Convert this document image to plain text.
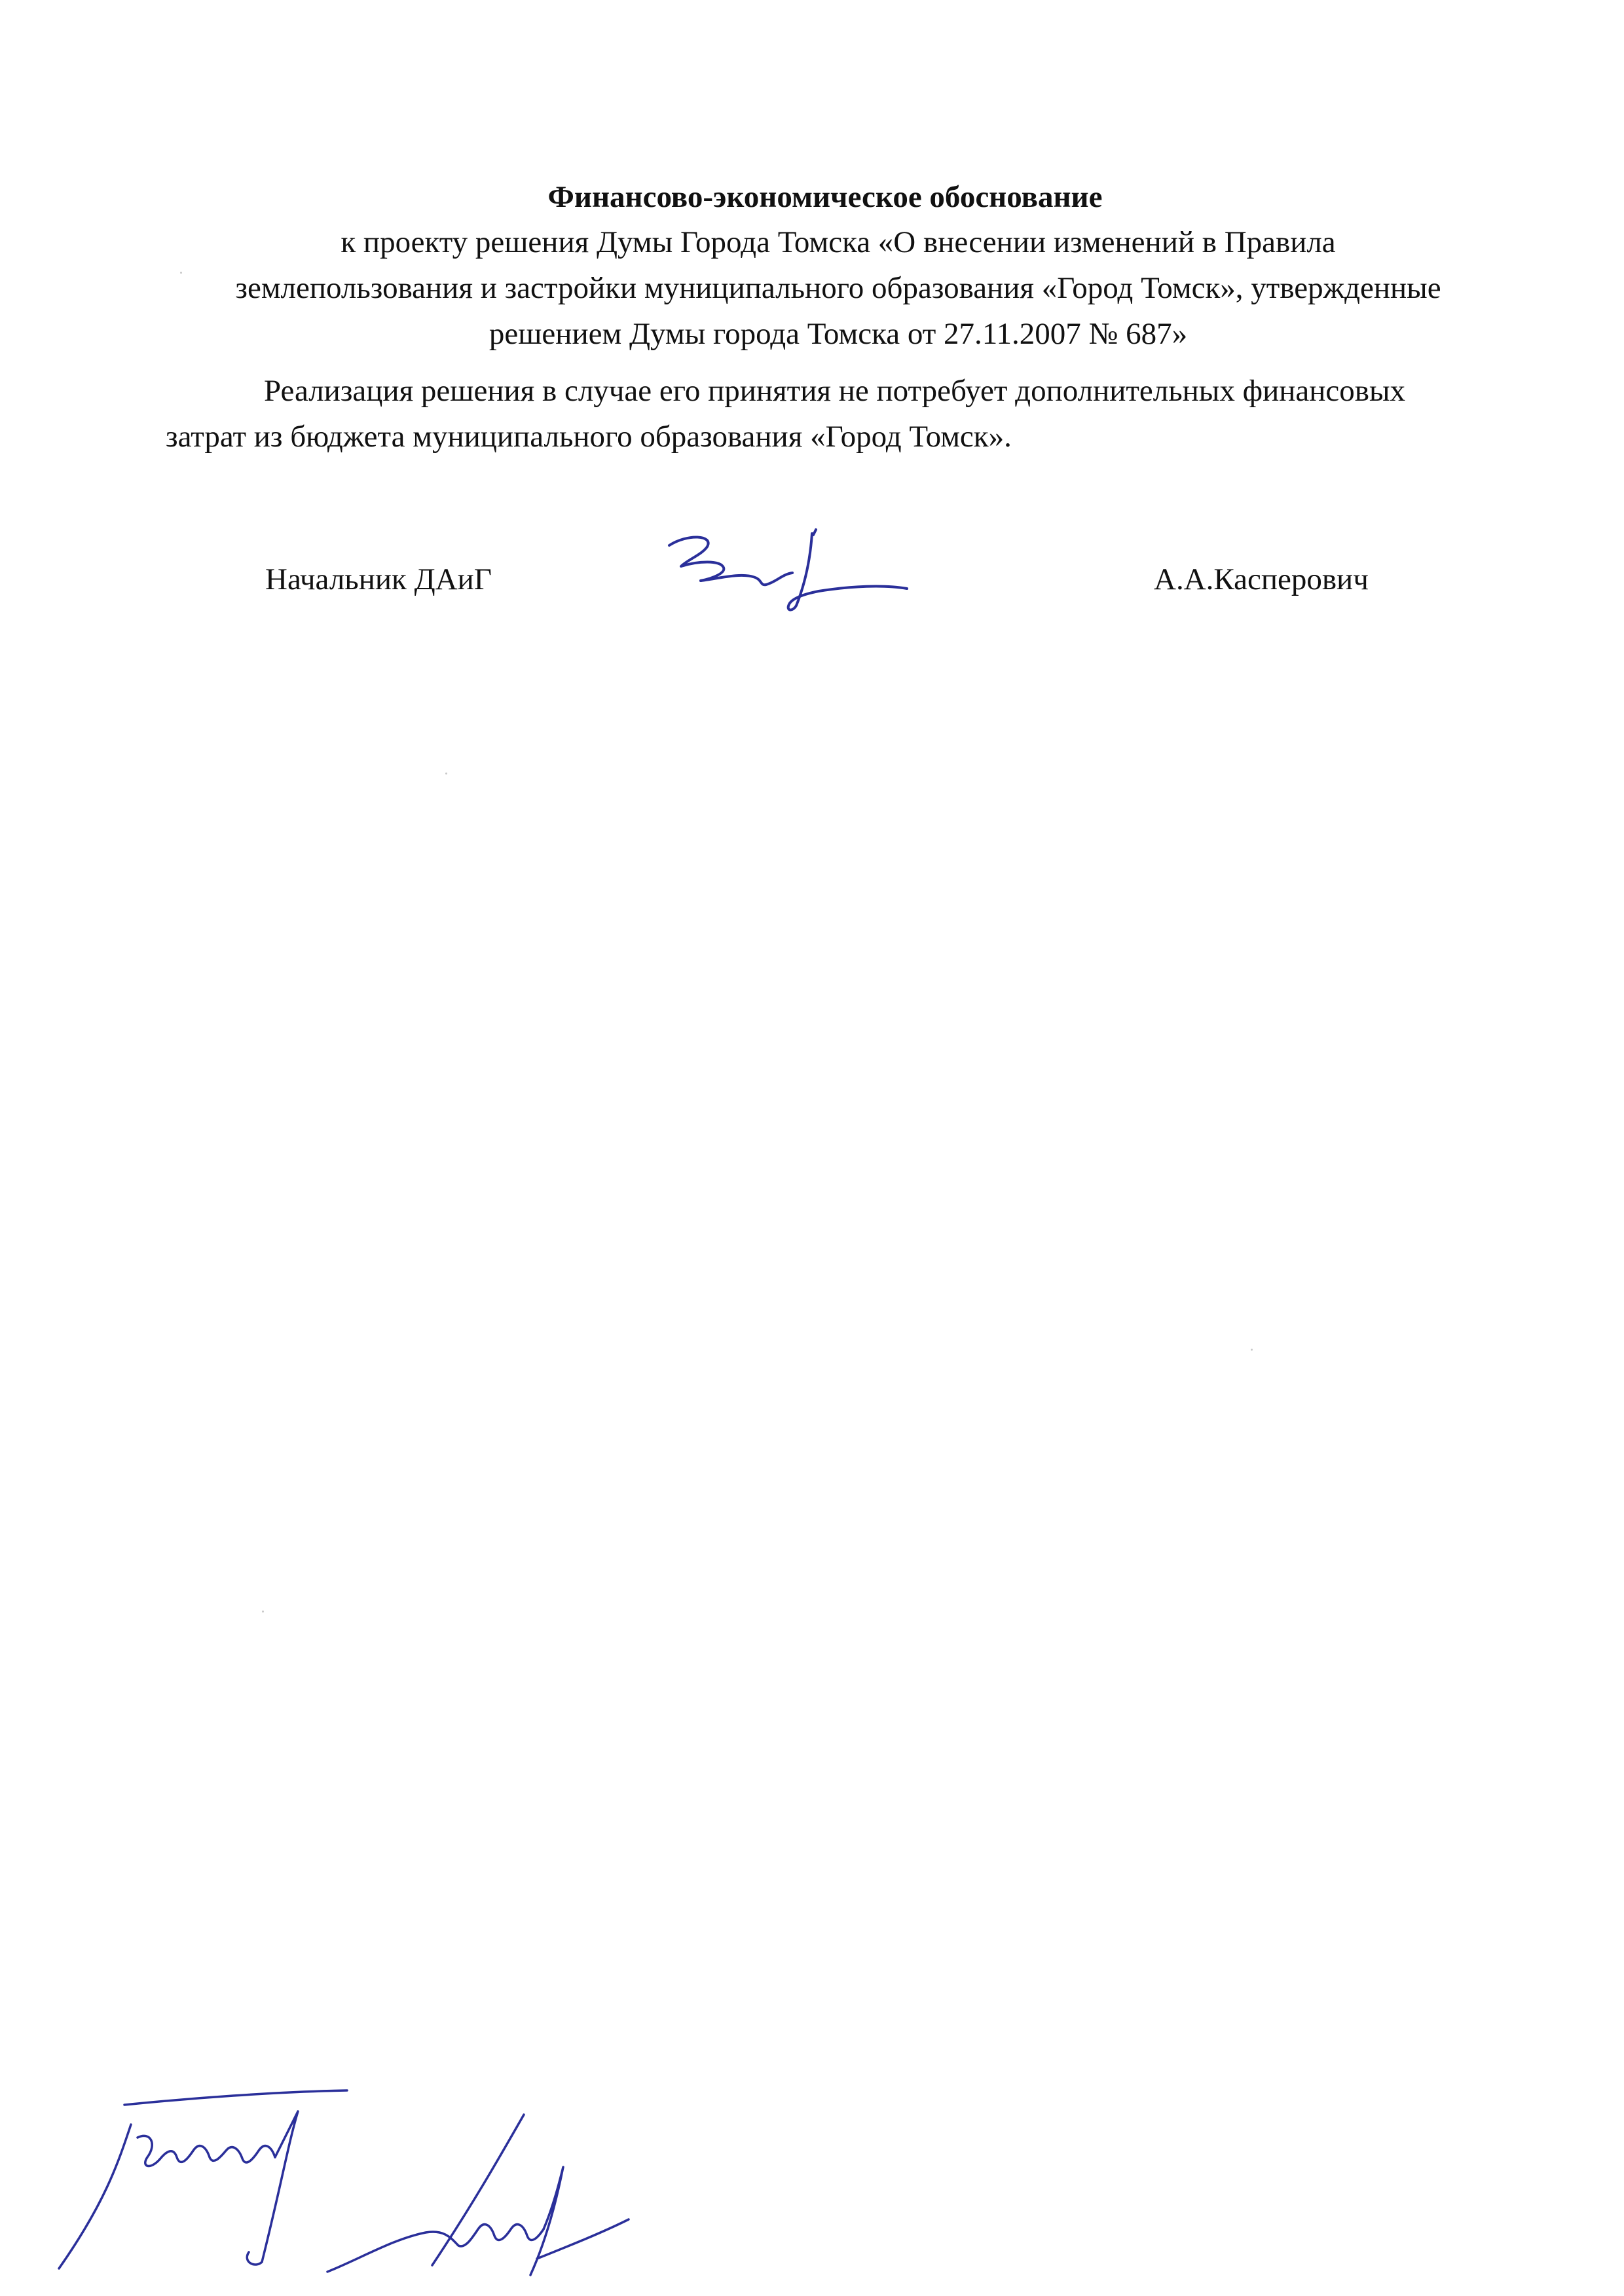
Финансово-экономическое обоснование
к проекту решения Думы Города Томска «О внесении изменений в Правила
землепользования и застройки муниципального образования «Город Томск», утвержденные
решением Думы города Томска от 27.11.2007 № 687»
Реализация решения в случае его принятия не потребует дополнительных финансовых
затрат из бюджета муниципального образования «Город Томск».
Начальник ДАиГ	А.А.Касперович
